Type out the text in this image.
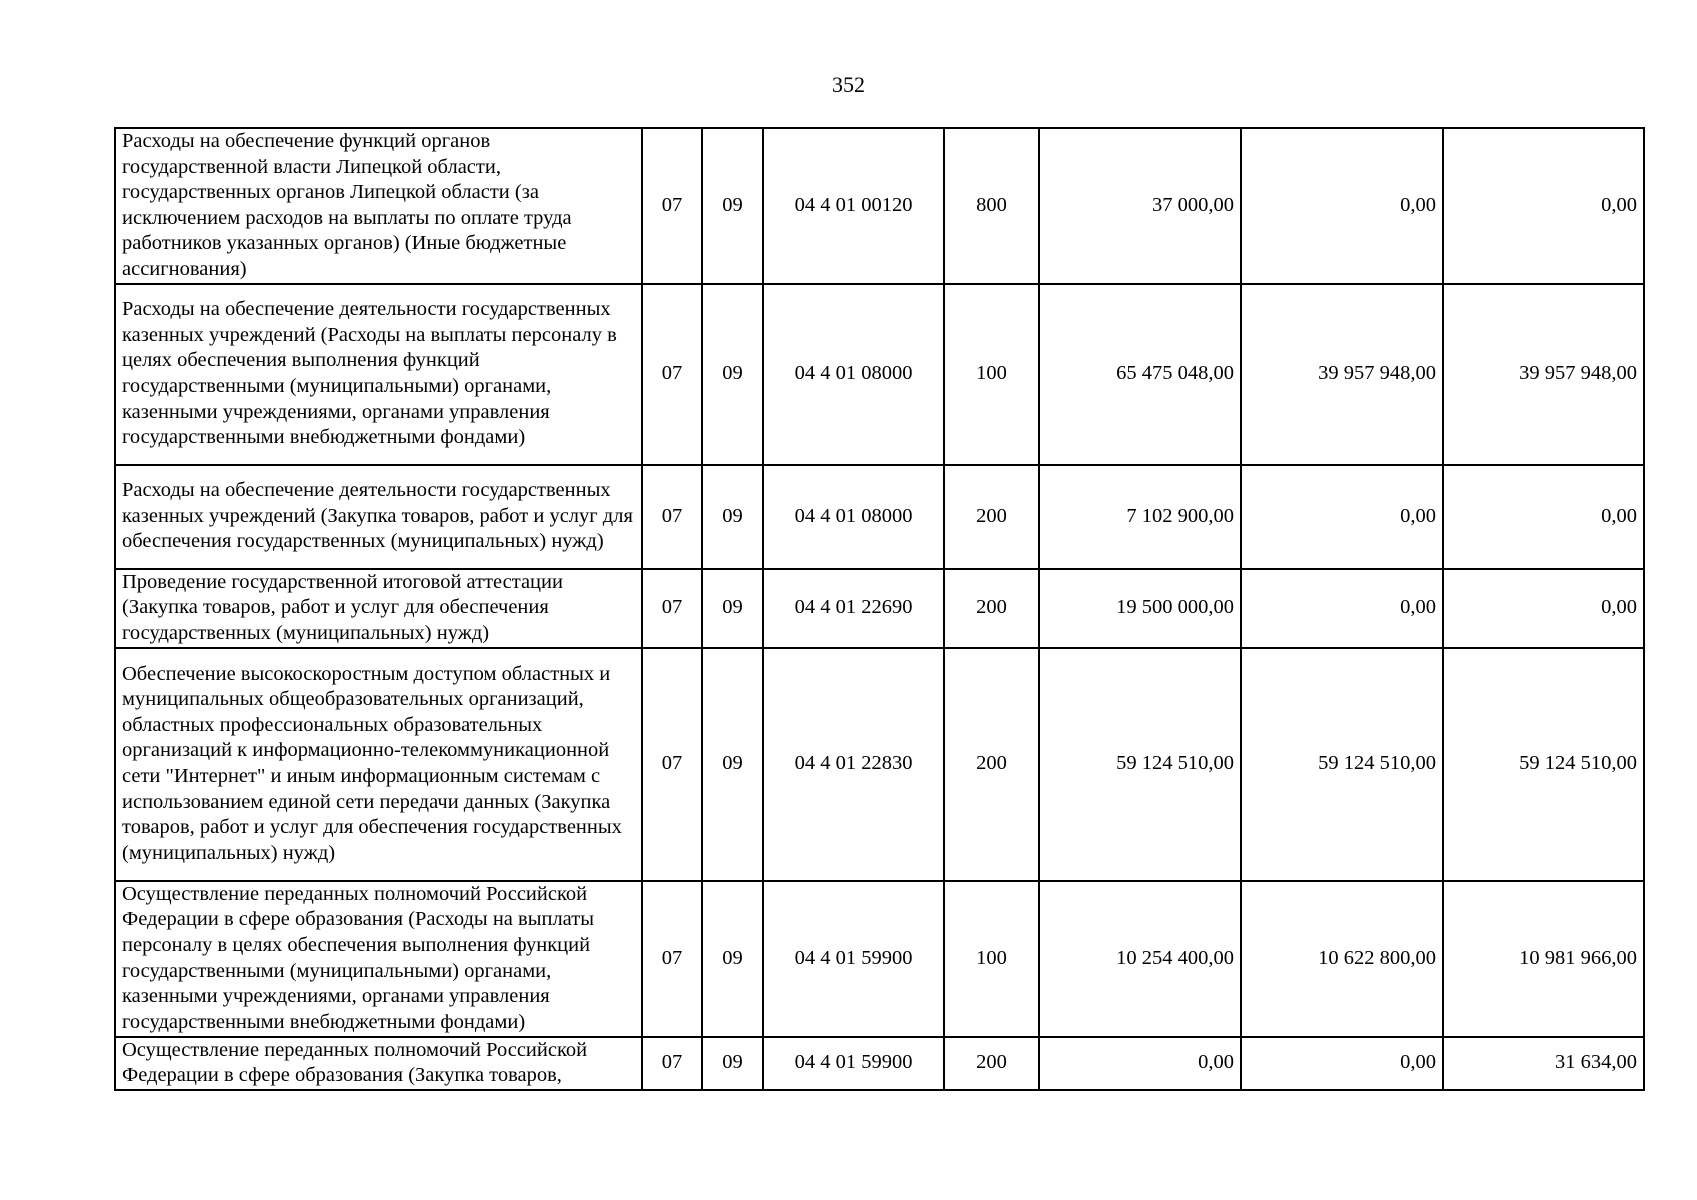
352
Расходы на обеспечение функций органов государственной власти Липецкой области, государственных органов Липецкой области (за исключением расходов на выплаты по оплате труда работников указанных органов) (Иные бюджетные ассигнования)	07	09	04 4 01 00120	800	37 000,00	0,00	0,00
Расходы на обеспечение деятельности государственных казенных учреждений (Расходы на выплаты персоналу в целях обеспечения выполнения функций государственными (муниципальными) органами, казенными учреждениями, органами управления государственными внебюджетными фондами)	07	09	04 4 01 08000	100	65 475 048,00	39 957 948,00	39 957 948,00
Расходы на обеспечение деятельности государственных казенных учреждений (Закупка товаров, работ и услуг для обеспечения государственных (муниципальных) нужд)	07	09	04 4 01 08000	200	7 102 900,00	0,00	0,00
Проведение государственной итоговой аттестации (Закупка товаров, работ и услуг для обеспечения государственных (муниципальных) нужд)	07	09	04 4 01 22690	200	19 500 000,00	0,00	0,00
Обеспечение высокоскоростным доступом областных и муниципальных общеобразовательных организаций, областных профессиональных образовательных организаций к информационно-телекоммуникационной сети "Интернет" и иным информационным системам с использованием единой сети передачи данных (Закупка товаров, работ и услуг для обеспечения государственных (муниципальных) нужд)	07	09	04 4 01 22830	200	59 124 510,00	59 124 510,00	59 124 510,00
Осуществление переданных полномочий Российской Федерации в сфере образования (Расходы на выплаты персоналу в целях обеспечения выполнения функций государственными (муниципальными) органами, казенными учреждениями, органами управления государственными внебюджетными фондами)	07	09	04 4 01 59900	100	10 254 400,00	10 622 800,00	10 981 966,00
Осуществление переданных полномочий Российской Федерации в сфере образования (Закупка товаров,	07	09	04 4 01 59900	200	0,00	0,00	31 634,00
